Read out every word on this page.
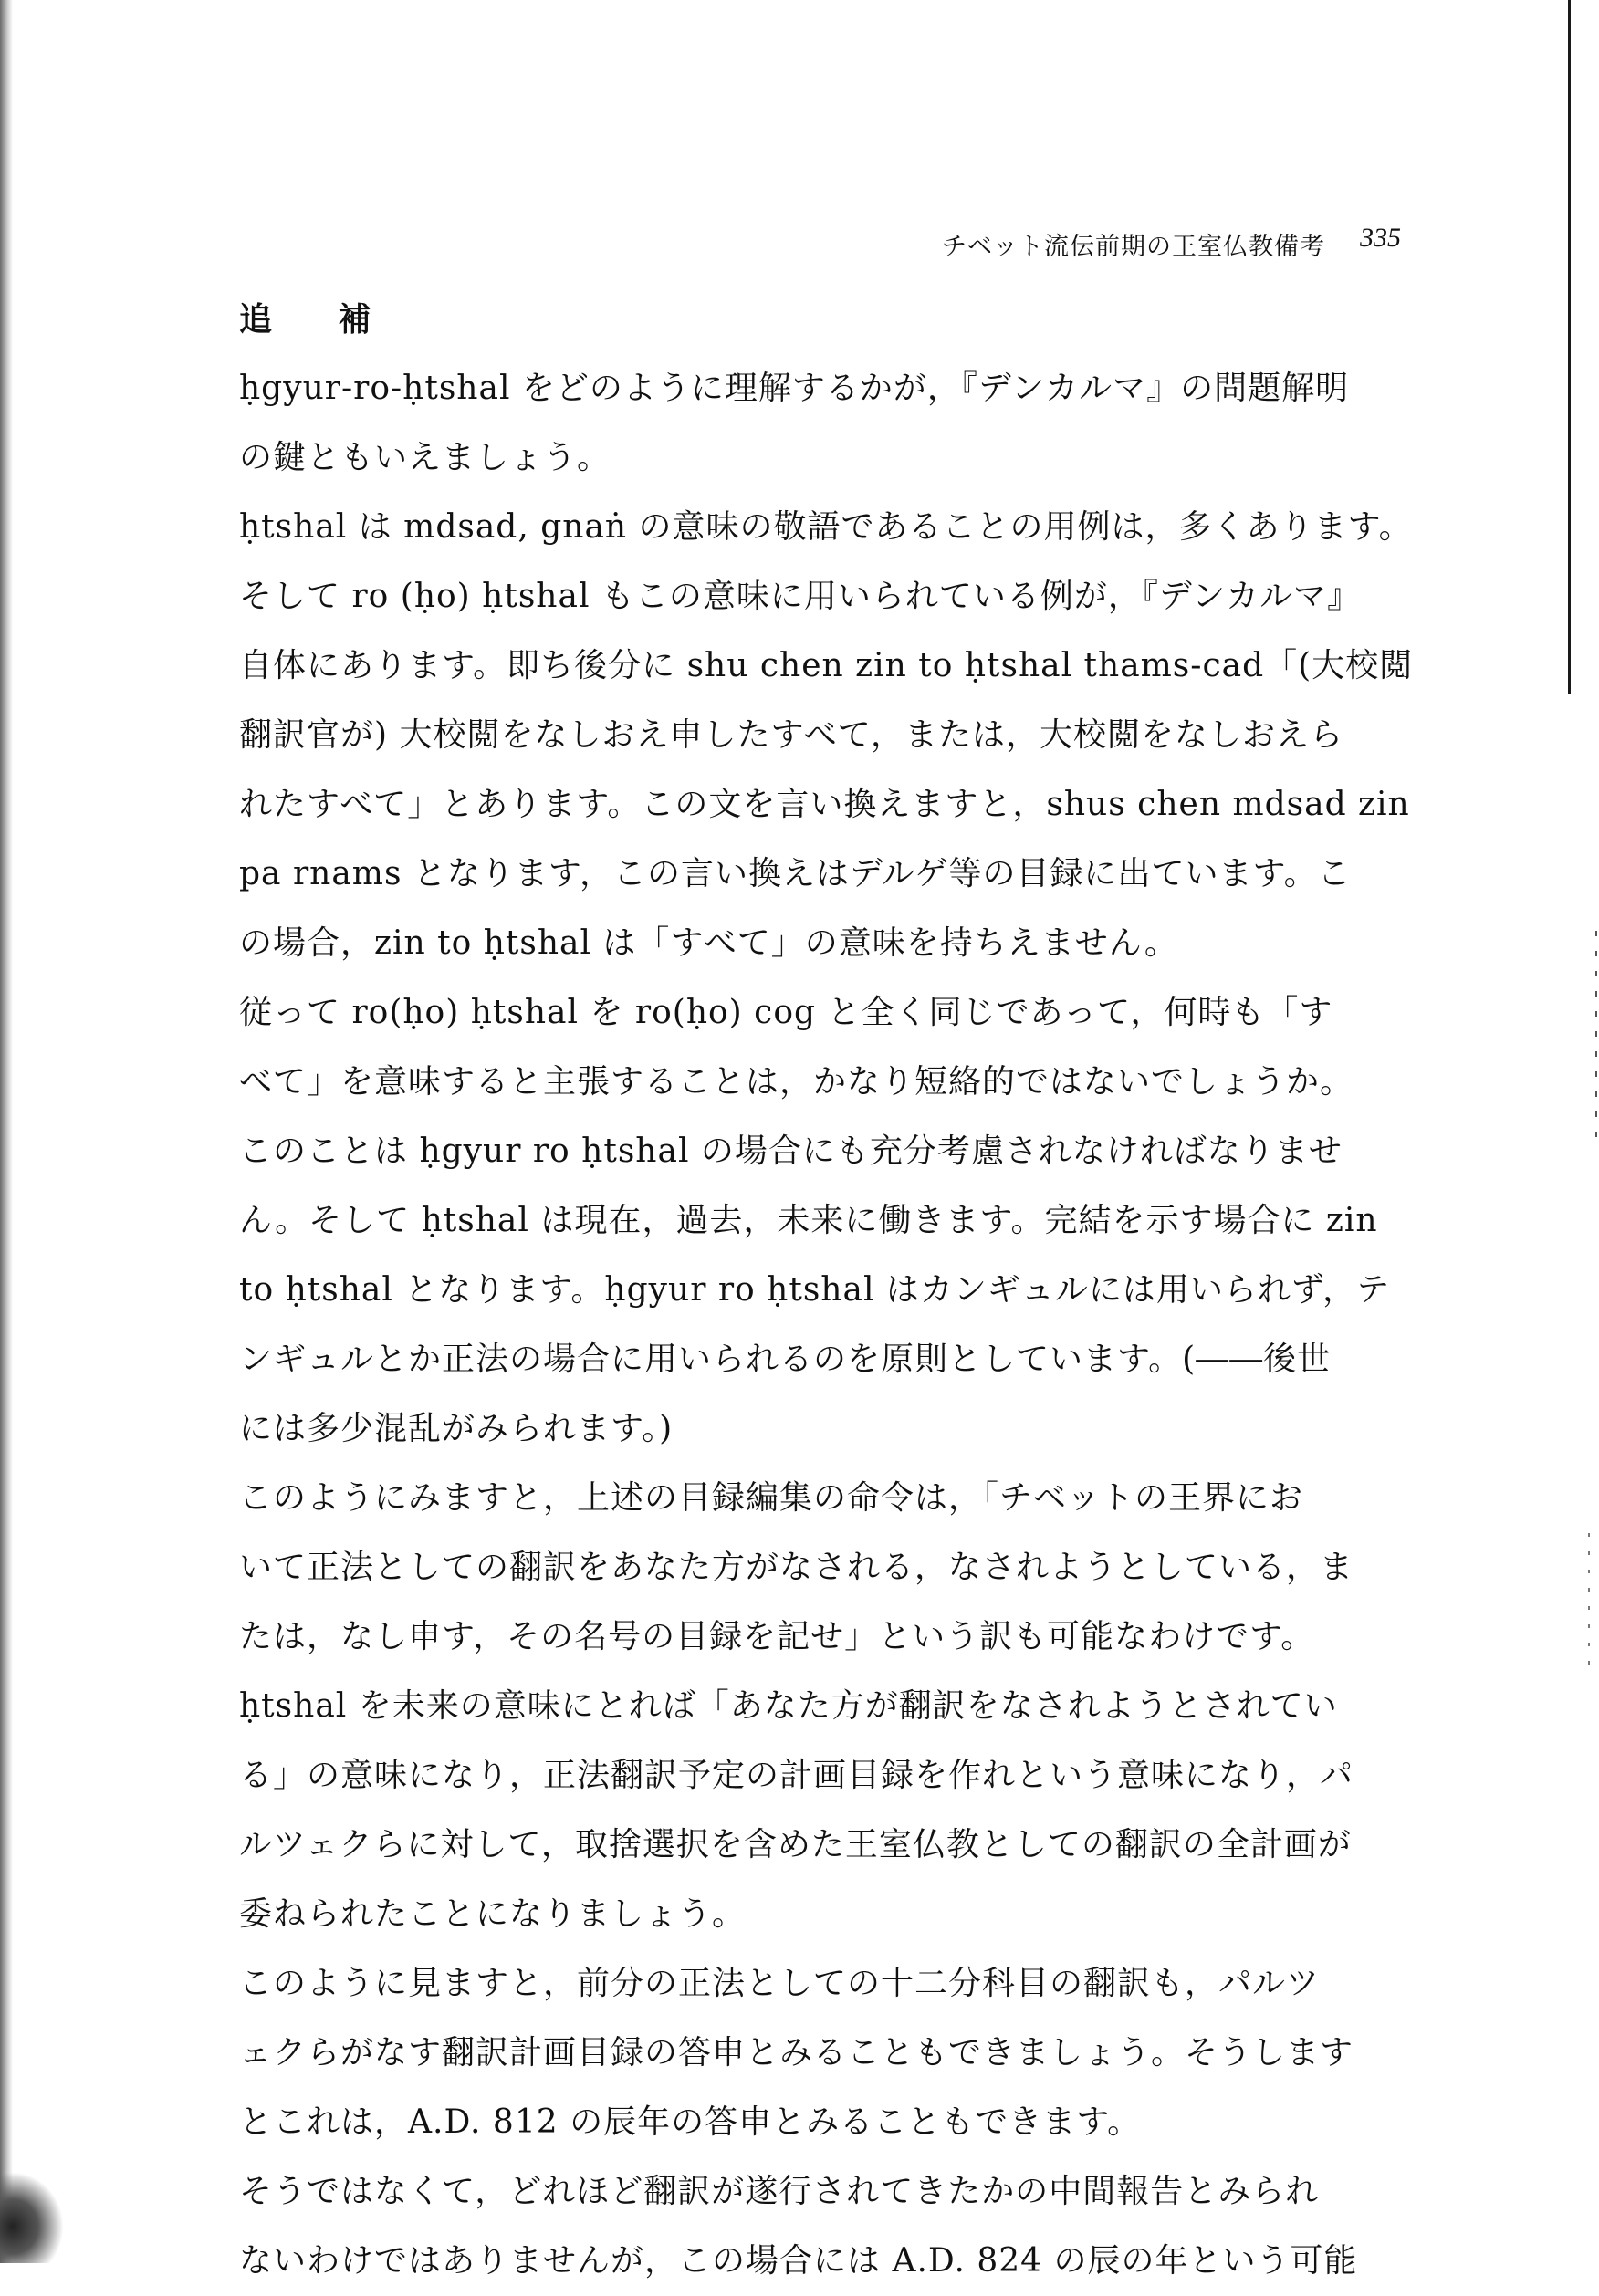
チベット流伝前期の王室仏教備考 335
追 補
ḥgyur-ro-ḥtshal をどのように理解するかが，『デンカルマ』の問題解明
の鍵ともいえましょう。
ḥtshal は mdsad, gnaṅ の意味の敬語であることの用例は，多くあります。
そして ro (ḥo) ḥtshal もこの意味に用いられている例が，『デンカルマ』
自体にあります。即ち後分に shu chen zin to ḥtshal thams-cad「(大校閲
翻訳官が) 大校閲をなしおえ申したすべて，または，大校閲をなしおえら
れたすべて」とあります。この文を言い換えますと，shus chen mdsad zin
pa rnams となります，この言い換えはデルゲ等の目録に出ています。こ
の場合，zin to ḥtshal は「すべて」の意味を持ちえません。
従って ro(ḥo) ḥtshal を ro(ḥo) cog と全く同じであって，何時も「す
べて」を意味すると主張することは，かなり短絡的ではないでしょうか。
このことは ḥgyur ro ḥtshal の場合にも充分考慮されなければなりませ
ん。そして ḥtshal は現在，過去，未来に働きます。完結を示す場合に zin
to ḥtshal となります。ḥgyur ro ḥtshal はカンギュルには用いられず，テ
ンギュルとか正法の場合に用いられるのを原則としています。(――後世
には多少混乱がみられます。)
このようにみますと，上述の目録編集の命令は，「チベットの王界にお
いて正法としての翻訳をあなた方がなされる，なされようとしている，ま
たは，なし申す，その名号の目録を記せ」という訳も可能なわけです。
ḥtshal を未来の意味にとれば「あなた方が翻訳をなされようとされてい
る」の意味になり，正法翻訳予定の計画目録を作れという意味になり，パ
ルツェクらに対して，取捨選択を含めた王室仏教としての翻訳の全計画が
委ねられたことになりましょう。
このように見ますと，前分の正法としての十二分科目の翻訳も，パルツ
ェクらがなす翻訳計画目録の答申とみることもできましょう。そうします
とこれは，A.D. 812 の辰年の答申とみることもできます。
そうではなくて，どれほど翻訳が遂行されてきたかの中間報告とみられ
ないわけではありませんが，この場合には A.D. 824 の辰の年という可能
